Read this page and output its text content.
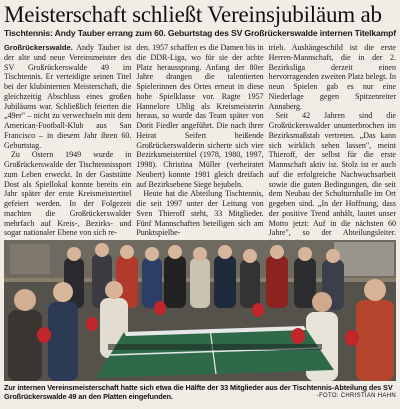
Meisterschaft schließt Vereinsjubiläum ab
Tischtennis: Andy Tauber errang zum 60. Geburtstag des SV Großrückerswalde internen Titelkampf

Großrückerswalde. Andy Tauber ist der alte und neue Vereinsmeister des SV Großrückerswalde 49 im Tischtennis. Er verteidigte seinen Titel bei der klubinternen Meisterschaft, die gleichzeitig Abschluss eines großen Jubiläums war. Schließlich feierten die „49er" – nicht zu verwechseln mit dem American-Football-Klub aus San Francisco – in diesem Jahr ihren 60. Geburtstag.

Zu Ostern 1949 wurde in Großrückerswalde der Tischtennissport zum Leben erweckt. In der Gaststätte Dost als Spiellokal konnte bereits ein Jahr später der erste Kreismeistertitel gefeiert werden. In der Folgezeit machten die Großrückerswalder mehrfach auf Kreis-, Bezirks- und sogar nationaler Ebene von sich re-

den. 1957 schaffen es die Damen bis in die DDR-Liga, wo für sie der achte Platz heraussprang. Anfang der 80er Jahre drangen die talentierten Spielerinnen des Ortes erneut in diese hohe Spielklasse vor. Ragte 1957 Hannelore Uhlig als Kreismeisterin heraus, so wurde das Team später von Dorit Fiedler angeführt. Die nach ihrer Heirat Seifert heißende Großrückerswalderin sicherte sich vier Bezirksmeistertitel (1978, 1980, 1997, 1998). Christina Müller (verheiratet Neubert) konnte 1981 gleich dreifach auf Bezirksebene Siege bejubeln.

Heute hat die Abteilung Tischtennis, die seit 1997 unter der Leitung von Sven Thieroff steht, 33 Mitglieder. Fünf Mannschaften beteiligen sich am Punktspielbe-

trieb. Aushängeschild ist die erste Herren-Mannschaft, die in der 2. Bezirksliga derzeit einen hervorragenden zweiten Platz belegt. In neun Spielen gab es nur eine Niederlage gegen Spitzenreiter Annaberg.

Seit 42 Jahren sind die Großrückerswalder ununterbrochen im Bezirksmaßstab vertreten. „Das kann sich wirklich sehen lassen", meint Thieroff, der selbst für die erste Mannschaft aktiv ist. Stolz ist er auch auf die erfolgreiche Nachwuchsarbeit sowie die guten Bedingungen, die seit dem Neubau der Schulturnhalle im Ort gegeben sind. „In der Hoffnung, dass der positive Trend anhält, lautet unser Motto jetzt: Auf in die nächsten 60 Jahre", so der Abteilungsleiter.

Zur internen Vereinsmeisterschaft hatte sich etwa die Hälfte der 33 Mitglieder aus der Tischtennis-Abteilung des SV Großrückerswalde 49 an den Platten eingefunden.	-FOTO: CHRISTIAN HAHN
